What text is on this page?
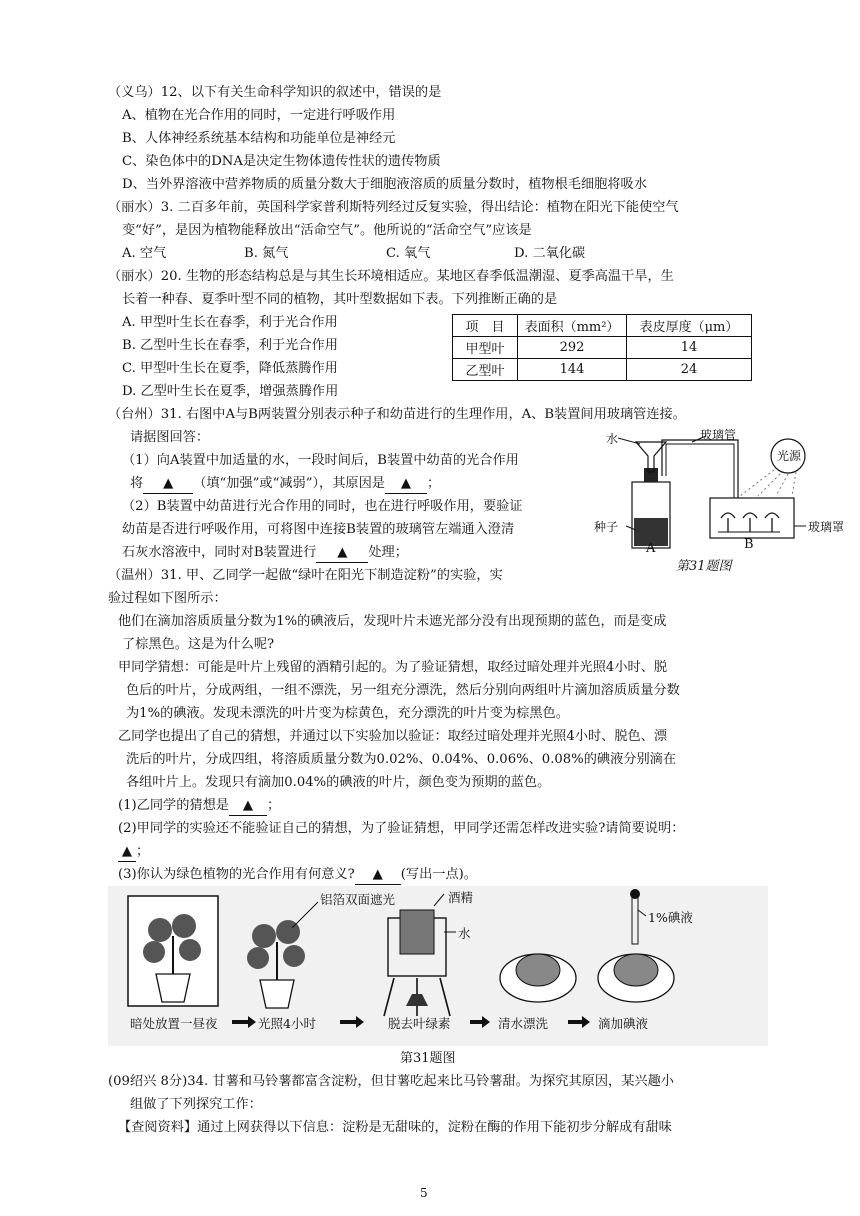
（义乌）12、以下有关生命科学知识的叙述中，错误的是
A、植物在光合作用的同时，一定进行呼吸作用
B、人体神经系统基本结构和功能单位是神经元
C、染色体中的DNA是决定生物体遗传性状的遗传物质
D、当外界溶液中营养物质的质量分数大于细胞液溶质的质量分数时，植物根毛细胞将吸水
（丽水）3. 二百多年前，英国科学家普利斯特列经过反复实验，得出结论：植物在阳光下能使空气
变“好”，是因为植物能释放出“活命空气”。他所说的“活命空气”应该是
A. 空气	B. 氮气	C. 氧气	D. 二氧化碳
（丽水）20. 生物的形态结构总是与其生长环境相适应。某地区春季低温潮湿、夏季高温干旱，生
长着一种春、夏季叶型不同的植物，其叶型数据如下表。下列推断正确的是
A. 甲型叶生长在春季，利于光合作用
B. 乙型叶生长在春季，利于光合作用
C. 甲型叶生长在夏季，降低蒸腾作用
D. 乙型叶生长在夏季，增强蒸腾作用
项　目	表面积（mm²）	表皮厚度（μm）
甲型叶	292	14
乙型叶	144	24
（台州）31. 右图中A与B两装置分别表示种子和幼苗进行的生理作用，A、B装置间用玻璃管连接。
请据图回答：
（1）向A装置中加适量的水，一段时间后，B装置中幼苗的光合作用
将 ▲ （填“加强”或“减弱”），其原因是 ▲ ；
（2）B装置中幼苗进行光合作用的同时，也在进行呼吸作用，要验证
幼苗是否进行呼吸作用，可将图中连接B装置的玻璃管左端通入澄清
石灰水溶液中，同时对B装置进行 ▲ 处理；
水	玻璃管
光源
种子	玻璃罩
A	B
第31题图
（温州）31. 甲、乙同学一起做“绿叶在阳光下制造淀粉”的实验，实
验过程如下图所示：
他们在滴加溶质质量分数为1%的碘液后，发现叶片未遮光部分没有出现预期的蓝色，而是变成
了棕黑色。这是为什么呢?
甲同学猜想：可能是叶片上残留的酒精引起的。为了验证猜想，取经过暗处理并光照4小时、脱
色后的叶片，分成两组，一组不漂洗，另一组充分漂洗，然后分别向两组叶片滴加溶质质量分数
为1%的碘液。发现未漂洗的叶片变为棕黄色，充分漂洗的叶片变为棕黑色。
乙同学也提出了自己的猜想，并通过以下实验加以验证：取经过暗处理并光照4小时、脱色、漂
洗后的叶片，分成四组，将溶质质量分数为0.02%、0.04%、0.06%、0.08%的碘液分别滴在
各组叶片上。发现只有滴加0.04%的碘液的叶片，颜色变为预期的蓝色。
(1)乙同学的猜想是 ▲ ；
(2)甲同学的实验还不能验证自己的猜想，为了验证猜想，甲同学还需怎样改进实验?请简要说明：
▲ ；
(3)你认为绿色植物的光合作用有何意义? ▲ (写出一点)。
铝箔双面遮光	酒精
水
1%碘液
暗处放置一昼夜	光照4小时	脱去叶绿素	清水漂洗	滴加碘液
第31题图
(09绍兴 8分)34. 甘薯和马铃薯都富含淀粉，但甘薯吃起来比马铃薯甜。为探究其原因，某兴趣小
组做了下列探究工作：
【查阅资料】通过上网获得以下信息：淀粉是无甜味的，淀粉在酶的作用下能初步分解成有甜味
5
